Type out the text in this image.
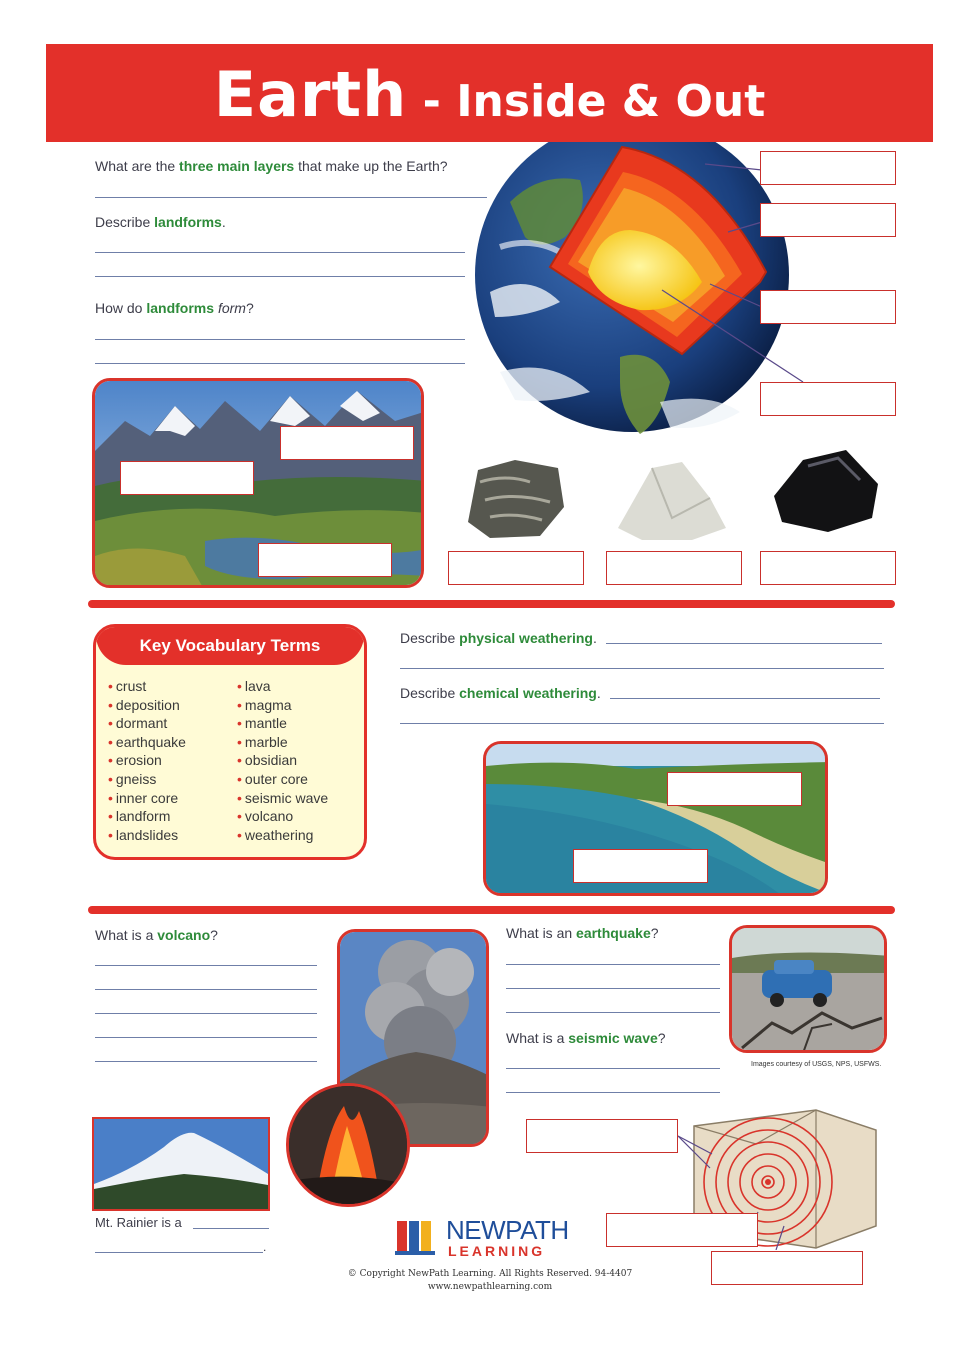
Earth - Inside & Out
What are the three main layers that make up the Earth?
Describe landforms.
How do landforms form?
Key Vocabulary Terms
• crust
• deposition
• dormant
• earthquake
• erosion
• gneiss
• inner core
• landform
• landslides
• lava
• magma
• mantle
• marble
• obsidian
• outer core
• seismic wave
• volcano
• weathering
Describe physical weathering.
Describe chemical weathering.
What is a volcano?
Mt. Rainier is a
.
What is an earthquake?
What is a seismic wave?
Images courtesy of USGS, NPS, USFWS.
NEWPATH
LEARNING
© Copyright NewPath Learning. All Rights Reserved. 94-4407
www.newpathlearning.com
